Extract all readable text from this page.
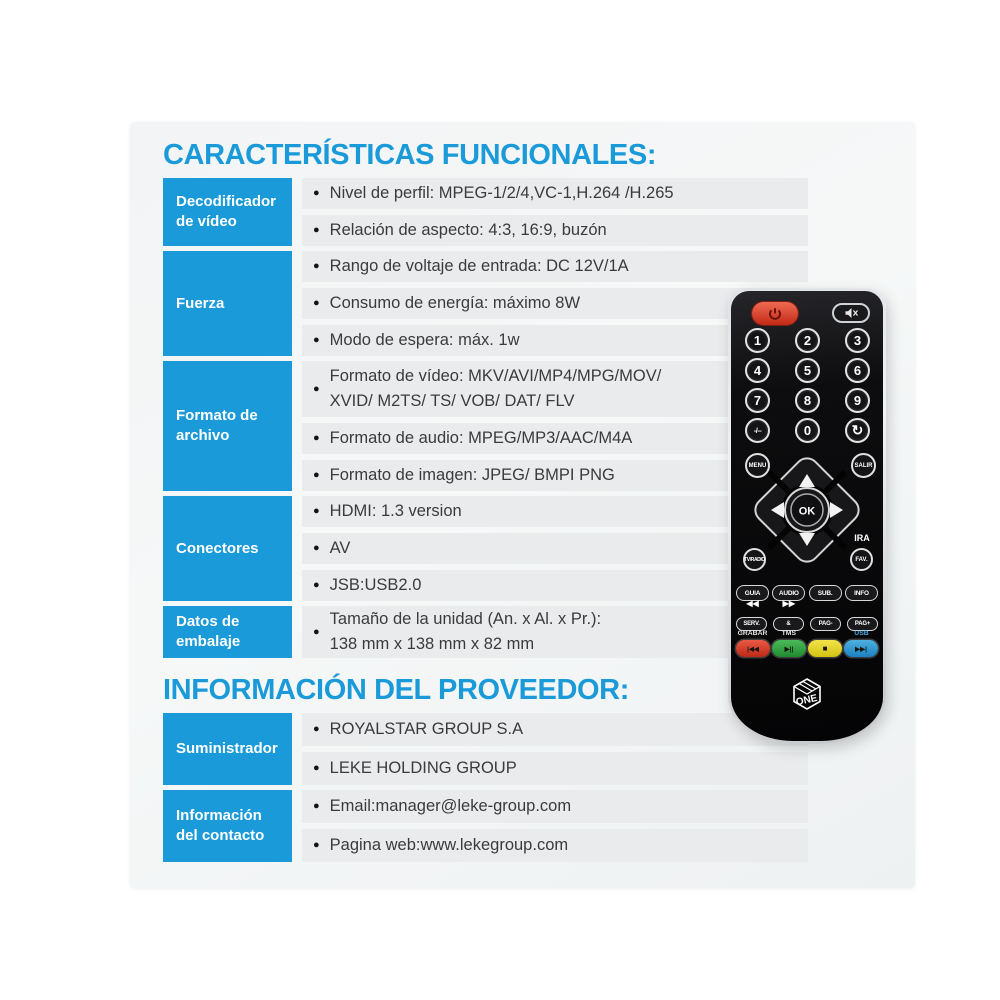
CARACTERÍSTICAS FUNCIONALES:
Decodificador
de vídeo
● Nivel de perfil: MPEG-1/2/4,VC-1,H.264 /H.265
● Relación de aspecto: 4:3, 16:9, buzón
Fuerza
● Rango de voltaje de entrada: DC 12V/1A
● Consumo de energía: máximo 8W
● Modo de espera: máx. 1w
Formato de
archivo
●
Formato de vídeo: MKV/AVI/MP4/MPG/MOV/
XVID/ M2TS/ TS/ VOB/ DAT/ FLV
● Formato de audio: MPEG/MP3/AAC/M4A
● Formato de imagen: JPEG/ BMPI PNG
Conectores
● HDMI: 1.3 version
● AV
● JSB:USB2.0
Datos de
embalaje
●
Tamaño de la unidad (An. x Al. x Pr.):
138 mm x 138 mm x 82 mm
INFORMACIÓN DEL PROVEEDOR:
Suministrador
● ROYALSTAR GROUP S.A
● LEKE HOLDING GROUP
Información
del contacto
● Email:manager@leke-group.com
● Pagina web:www.lekegroup.com
1	2	3
4	5	6
7	8	9
-/--	0	↻
MENU	SALIR
OK
TV/RADIO
IRA
FAV.
GUIA	AUDIO	SUB.	INFO
◀◀	▶▶
SERV.	&	PAG-	PAG+
GRABAR	TMS	USB
|◀◀	▶||	■	▶▶|
ONE
